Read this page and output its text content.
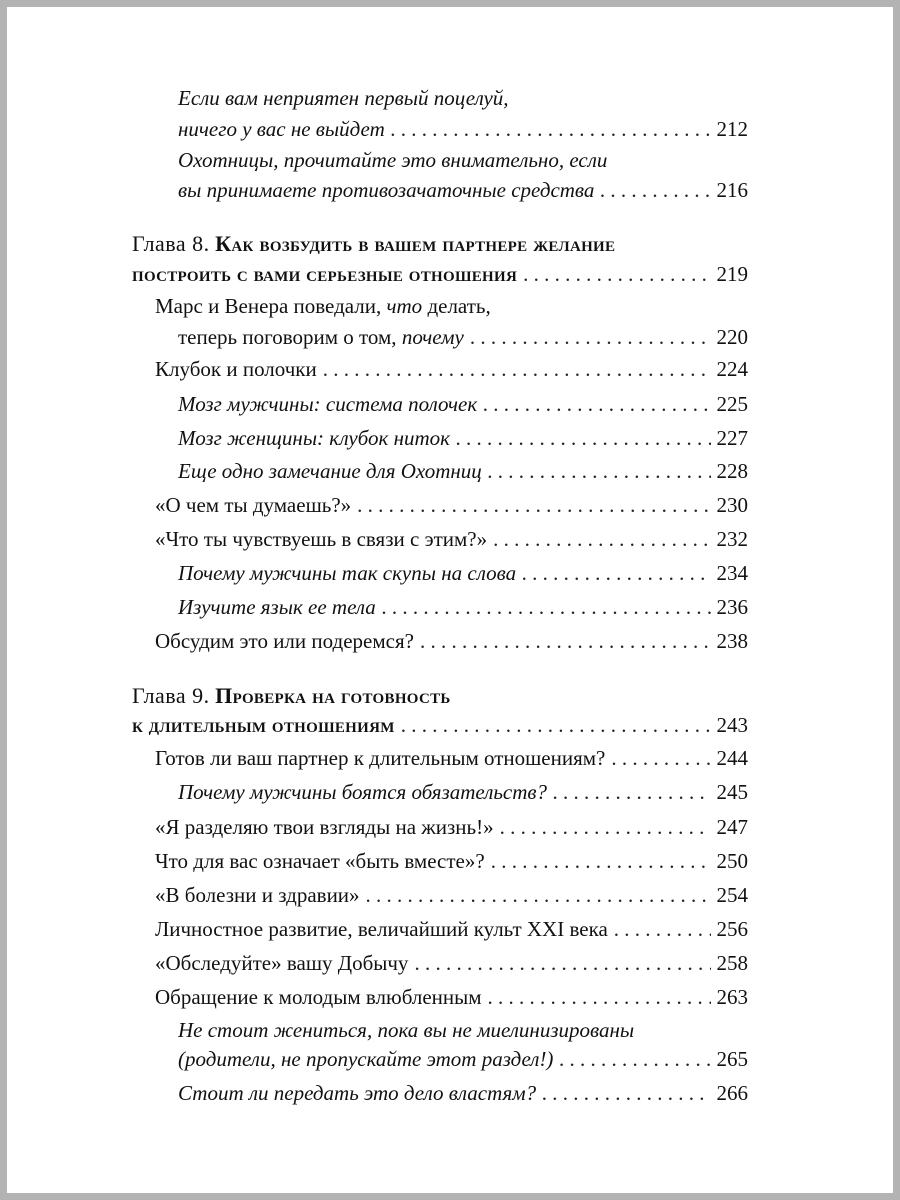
Если вам неприятен первый поцелуй,
ничего у вас не выйдет . . .	212
Охотницы, прочитайте это внимательно, если
вы принимаете противозачаточные средства . . .	216
Глава 8. Как возбудить в вашем партнере желание
построить с вами серьезные отношения . . .	219
Марс и Венера поведали, что делать,
теперь поговорим о том, почему . . .	220
Клубок и полочки . . .	224
Мозг мужчины: система полочек . . .	225
Мозг женщины: клубок ниток . . .	227
Еще одно замечание для Охотниц . . .	228
«О чем ты думаешь?» . . .	230
«Что ты чувствуешь в связи с этим?» . . .	232
Почему мужчины так скупы на слова . . .	234
Изучите язык ее тела . . .	236
Обсудим это или подеремся? . . .	238
Глава 9. Проверка на готовность
к длительным отношениям . . .	243
Готов ли ваш партнер к длительным отношениям? . . .	244
Почему мужчины боятся обязательств? . . .	245
«Я разделяю твои взгляды на жизнь!» . . .	247
Что для вас означает «быть вместе»? . . .	250
«В болезни и здравии» . . .	254
Личностное развитие, величайший культ XXI века . . .	256
«Обследуйте» вашу Добычу . . .	258
Обращение к молодым влюбленным . . .	263
Не стоит жениться, пока вы не миелинизированы
(родители, не пропускайте этот раздел!) . . .	265
Стоит ли передать это дело властям? . . .	266
